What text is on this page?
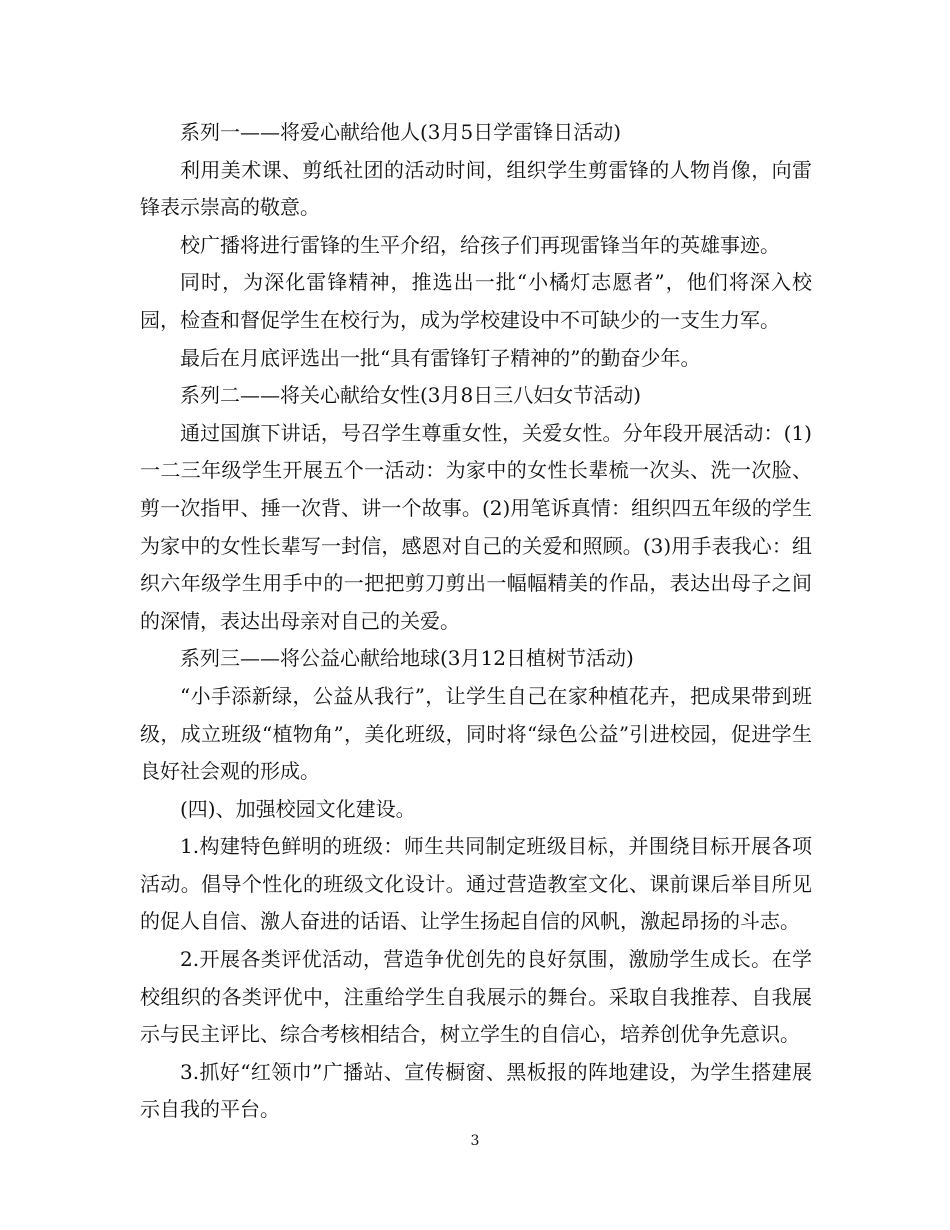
系列一——将爱心献给他人(3月5日学雷锋日活动)

利用美术课、剪纸社团的活动时间，组织学生剪雷锋的人物肖像，向雷锋表示崇高的敬意。

校广播将进行雷锋的生平介绍，给孩子们再现雷锋当年的英雄事迹。

同时，为深化雷锋精神，推选出一批“小橘灯志愿者”，他们将深入校园，检查和督促学生在校行为，成为学校建设中不可缺少的一支生力军。

最后在月底评选出一批“具有雷锋钉子精神的”的勤奋少年。

系列二——将关心献给女性(3月8日三八妇女节活动)

通过国旗下讲话，号召学生尊重女性，关爱女性。分年段开展活动：(1)一二三年级学生开展五个一活动：为家中的女性长辈梳一次头、洗一次脸、剪一次指甲、捶一次背、讲一个故事。(2)用笔诉真情：组织四五年级的学生为家中的女性长辈写一封信，感恩对自己的关爱和照顾。(3)用手表我心：组织六年级学生用手中的一把把剪刀剪出一幅幅精美的作品，表达出母子之间的深情，表达出母亲对自己的关爱。

系列三——将公益心献给地球(3月12日植树节活动)

“小手添新绿，公益从我行”，让学生自己在家种植花卉，把成果带到班级，成立班级“植物角”，美化班级，同时将“绿色公益”引进校园，促进学生良好社会观的形成。

(四)、加强校园文化建设。

1.构建特色鲜明的班级：师生共同制定班级目标，并围绕目标开展各项活动。倡导个性化的班级文化设计。通过营造教室文化、课前课后举目所见的促人自信、激人奋进的话语、让学生扬起自信的风帆，激起昂扬的斗志。

2.开展各类评优活动，营造争优创先的良好氛围，激励学生成长。在学校组织的各类评优中，注重给学生自我展示的舞台。采取自我推荐、自我展示与民主评比、综合考核相结合，树立学生的自信心，培养创优争先意识。

3.抓好“红领巾”广播站、宣传橱窗、黑板报的阵地建设，为学生搭建展示自我的平台。

3
